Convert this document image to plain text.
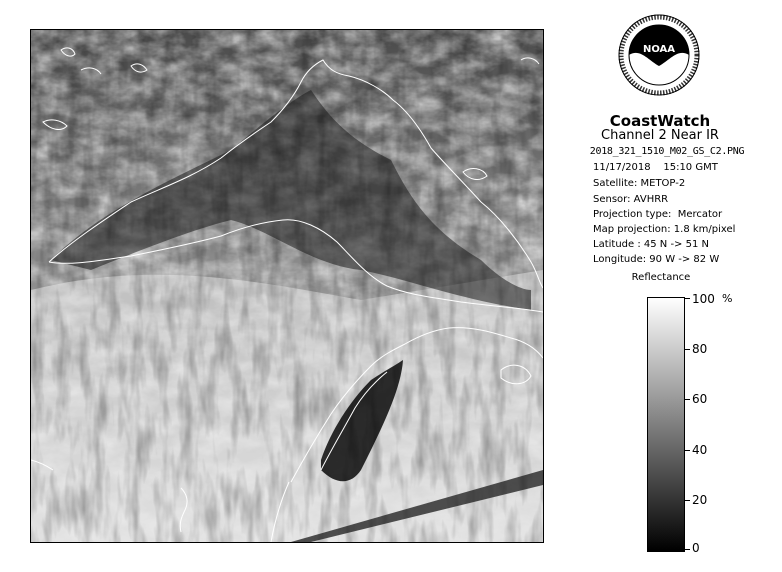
NOAA
CoastWatch
Channel 2 Near IR
2018_321_1510_M02_GS_C2.PNG
11/17/2018    15:10 GMT
Satellite: METOP-2
Sensor: AVHRR
Projection type:  Mercator
Map projection: 1.8 km/pixel
Latitude : 45 N -> 51 N
Longitude: 90 W -> 82 W
Reflectance
%
100
80
60
40
20
0
